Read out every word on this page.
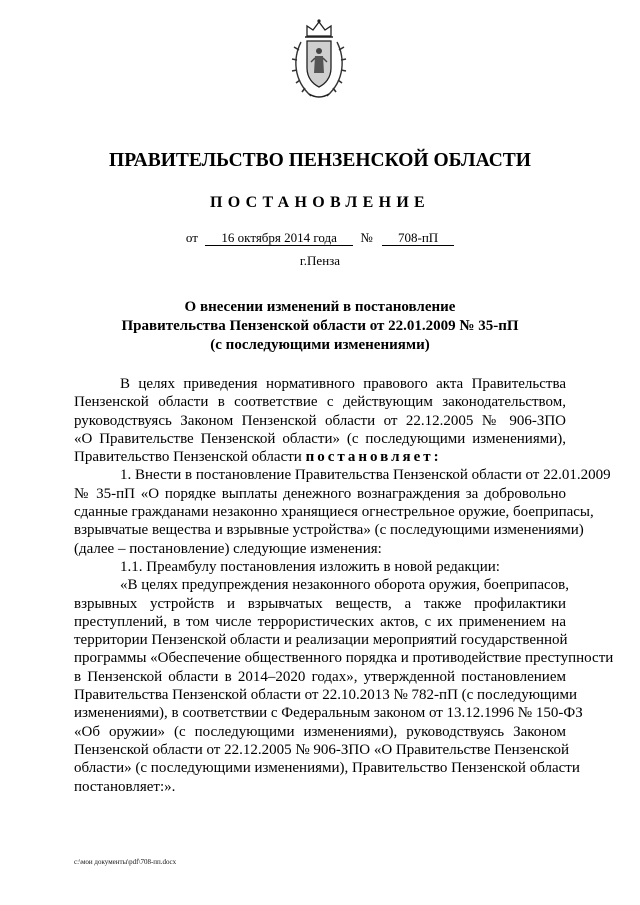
ПРАВИТЕЛЬСТВО ПЕНЗЕНСКОЙ ОБЛАСТИ
ПОСТАНОВЛЕНИЕ
от 16 октября 2014 года № 708-пП
г.Пенза
О внесении изменений в постановление
Правительства Пензенской области от 22.01.2009 № 35-пП
(с последующими изменениями)
В целях приведения нормативного правового акта Правительства
Пензенской области в соответствие с действующим законодательством,
руководствуясь Законом Пензенской области от 22.12.2005 № 906-ЗПО
«О Правительстве Пензенской области» (с последующими изменениями),
Правительство Пензенской области постановляет:
1. Внести в постановление Правительства Пензенской области от 22.01.2009
№ 35-пП «О порядке выплаты денежного вознаграждения за добровольно
сданные гражданами незаконно хранящиеся огнестрельное оружие, боеприпасы,
взрывчатые вещества и взрывные устройства» (с последующими изменениями)
(далее – постановление) следующие изменения:
1.1. Преамбулу постановления изложить в новой редакции:
«В целях предупреждения незаконного оборота оружия, боеприпасов,
взрывных устройств и взрывчатых веществ, а также профилактики
преступлений, в том числе террористических актов, с их применением на
территории Пензенской области и реализации мероприятий государственной
программы «Обеспечение общественного порядка и противодействие преступности
в Пензенской области в 2014–2020 годах», утвержденной постановлением
Правительства Пензенской области от 22.10.2013 № 782-пП (с последующими
изменениями), в соответствии с Федеральным законом от 13.12.1996 № 150-ФЗ
«Об оружии» (с последующими изменениями), руководствуясь Законом
Пензенской области от 22.12.2005 № 906-ЗПО «О Правительстве Пензенской
области» (с последующими изменениями), Правительство Пензенской области
постановляет:».
c:\мои документы\pdf\708-пп.docx
